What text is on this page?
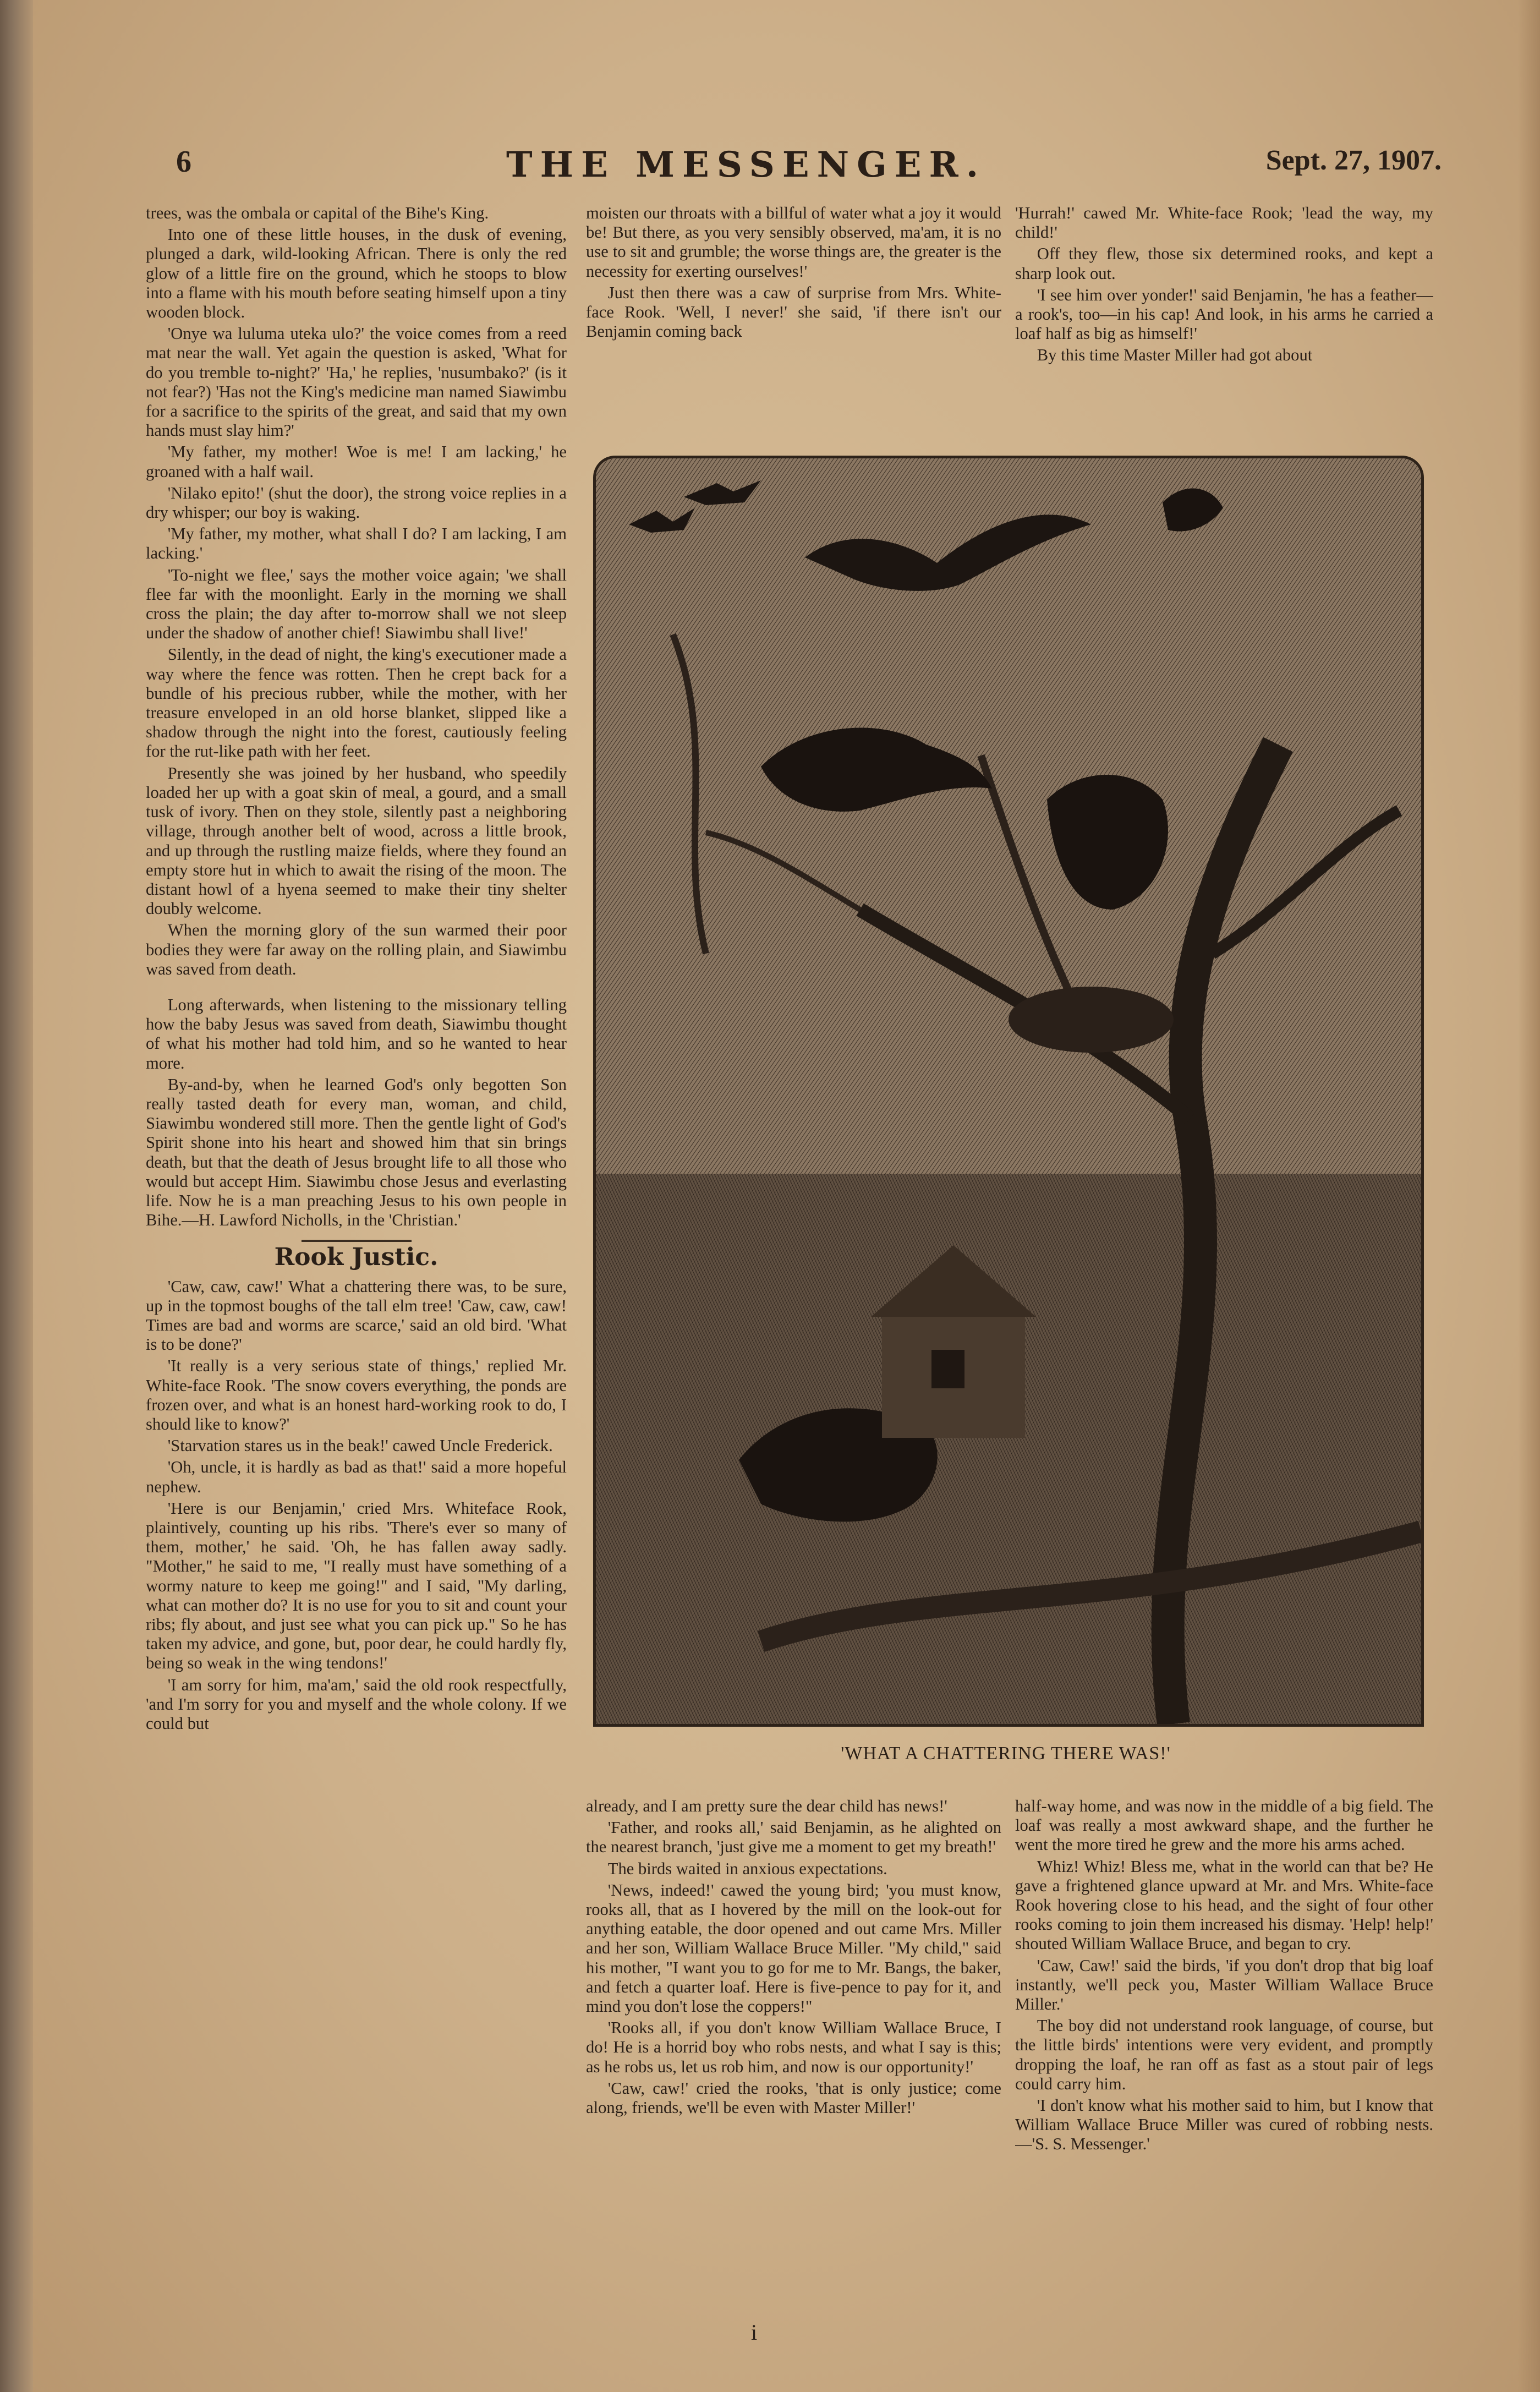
6	THE MESSENGER.	Sept. 27, 1907.

trees, was the ombala or capital of the Bihe's King.

Into one of these little houses, in the dusk of evening, plunged a dark, wild-looking African. There is only the red glow of a little fire on the ground, which he stoops to blow into a flame with his mouth before seating himself upon a tiny wooden block.

'Onye wa luluma uteka ulo?' the voice comes from a reed mat near the wall. Yet again the question is asked, 'What for do you tremble to-night?' 'Ha,' he replies, 'nusumbako?' (is it not fear?) 'Has not the King's medicine man named Siawimbu for a sacrifice to the spirits of the great, and said that my own hands must slay him?'

'My father, my mother! Woe is me! I am lacking,' he groaned with a half wail.

'Nilako epito!' (shut the door), the strong voice replies in a dry whisper; our boy is waking.

'My father, my mother, what shall I do? I am lacking, I am lacking.'

'To-night we flee,' says the mother voice again; 'we shall flee far with the moonlight. Early in the morning we shall cross the plain; the day after to-morrow shall we not sleep under the shadow of another chief! Siawimbu shall live!'

Silently, in the dead of night, the king's executioner made a way where the fence was rotten. Then he crept back for a bundle of his precious rubber, while the mother, with her treasure enveloped in an old horse blanket, slipped like a shadow through the night into the forest, cautiously feeling for the rut-like path with her feet.

Presently she was joined by her husband, who speedily loaded her up with a goat skin of meal, a gourd, and a small tusk of ivory. Then on they stole, silently past a neighboring village, through another belt of wood, across a little brook, and up through the rustling maize fields, where they found an empty store hut in which to await the rising of the moon. The distant howl of a hyena seemed to make their tiny shelter doubly welcome.

When the morning glory of the sun warmed their poor bodies they were far away on the rolling plain, and Siawimbu was saved from death.

Long afterwards, when listening to the missionary telling how the baby Jesus was saved from death, Siawimbu thought of what his mother had told him, and so he wanted to hear more.

By-and-by, when he learned God's only begotten Son really tasted death for every man, woman, and child, Siawimbu wondered still more. Then the gentle light of God's Spirit shone into his heart and showed him that sin brings death, but that the death of Jesus brought life to all those who would but accept Him. Siawimbu chose Jesus and everlasting life. Now he is a man preaching Jesus to his own people in Bihe.—H. Lawford Nicholls, in the 'Christian.'

Rook Justic.

'Caw, caw, caw!' What a chattering there was, to be sure, up in the topmost boughs of the tall elm tree! 'Caw, caw, caw! Times are bad and worms are scarce,' said an old bird. 'What is to be done?'

'It really is a very serious state of things,' replied Mr. White-face Rook. 'The snow covers everything, the ponds are frozen over, and what is an honest hard-working rook to do, I should like to know?'

'Starvation stares us in the beak!' cawed Uncle Frederick.

'Oh, uncle, it is hardly as bad as that!' said a more hopeful nephew.

'Here is our Benjamin,' cried Mrs. Whiteface Rook, plaintively, counting up his ribs. 'There's ever so many of them, mother,' he said. 'Oh, he has fallen away sadly. "Mother," he said to me, "I really must have something of a wormy nature to keep me going!" and I said, "My darling, what can mother do? It is no use for you to sit and count your ribs; fly about, and just see what you can pick up." So he has taken my advice, and gone, but, poor dear, he could hardly fly, being so weak in the wing tendons!'

'I am sorry for him, ma'am,' said the old rook respectfully, 'and I'm sorry for you and myself and the whole colony. If we could but

moisten our throats with a billful of water what a joy it would be! But there, as you very sensibly observed, ma'am, it is no use to sit and grumble; the worse things are, the greater is the necessity for exerting ourselves!'

Just then there was a caw of surprise from Mrs. White-face Rook. 'Well, I never!' she said, 'if there isn't our Benjamin coming back

'Hurrah!' cawed Mr. White-face Rook; 'lead the way, my child!'

Off they flew, those six determined rooks, and kept a sharp look out.

'I see him over yonder!' said Benjamin, 'he has a feather—a rook's, too—in his cap! And look, in his arms he carried a loaf half as big as himself!'

By this time Master Miller had got about

'WHAT A CHATTERING THERE WAS!'

already, and I am pretty sure the dear child has news!'

'Father, and rooks all,' said Benjamin, as he alighted on the nearest branch, 'just give me a moment to get my breath!'

The birds waited in anxious expectations.

'News, indeed!' cawed the young bird; 'you must know, rooks all, that as I hovered by the mill on the look-out for anything eatable, the door opened and out came Mrs. Miller and her son, William Wallace Bruce Miller. "My child," said his mother, "I want you to go for me to Mr. Bangs, the baker, and fetch a quarter loaf. Here is five-pence to pay for it, and mind you don't lose the coppers!"

'Rooks all, if you don't know William Wallace Bruce, I do! He is a horrid boy who robs nests, and what I say is this; as he robs us, let us rob him, and now is our opportunity!'

'Caw, caw!' cried the rooks, 'that is only justice; come along, friends, we'll be even with Master Miller!'

half-way home, and was now in the middle of a big field. The loaf was really a most awkward shape, and the further he went the more tired he grew and the more his arms ached.

Whiz! Whiz! Bless me, what in the world can that be? He gave a frightened glance upward at Mr. and Mrs. White-face Rook hovering close to his head, and the sight of four other rooks coming to join them increased his dismay. 'Help! help!' shouted William Wallace Bruce, and began to cry.

'Caw, Caw!' said the birds, 'if you don't drop that big loaf instantly, we'll peck you, Master William Wallace Bruce Miller.'

The boy did not understand rook language, of course, but the little birds' intentions were very evident, and promptly dropping the loaf, he ran off as fast as a stout pair of legs could carry him.

'I don't know what his mother said to him, but I know that William Wallace Bruce Miller was cured of robbing nests.—'S. S. Messenger.'

i
